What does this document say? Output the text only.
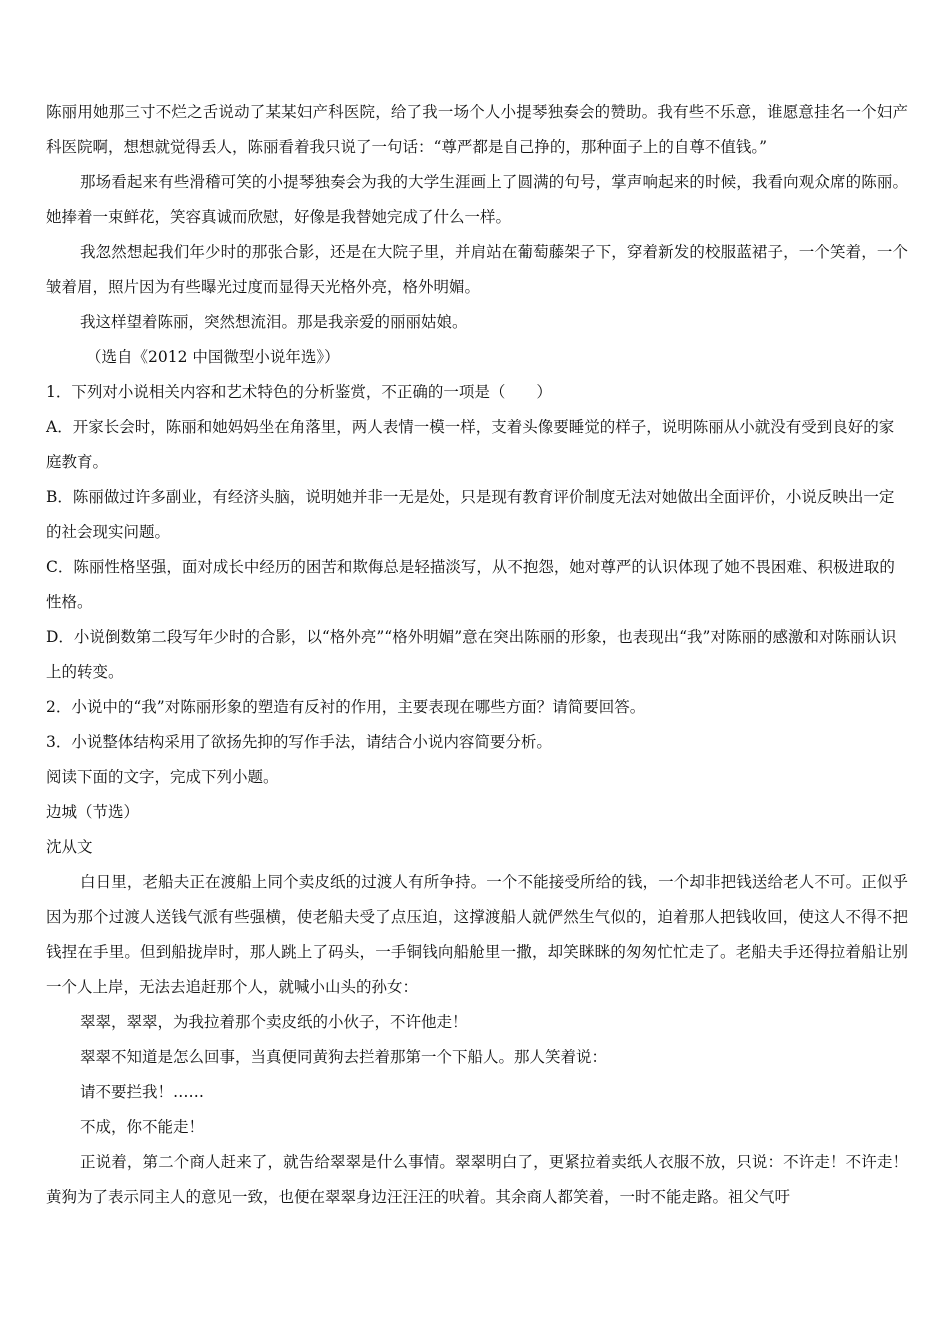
陈丽用她那三寸不烂之舌说动了某某妇产科医院，给了我一场个人小提琴独奏会的赞助。我有些不乐意，谁愿意挂名一个妇产科医院啊，想想就觉得丢人，陈丽看着我只说了一句话：“尊严都是自己挣的，那种面子上的自尊不值钱。”

那场看起来有些滑稽可笑的小提琴独奏会为我的大学生涯画上了圆满的句号，掌声响起来的时候，我看向观众席的陈丽。她捧着一束鲜花，笑容真诚而欣慰，好像是我替她完成了什么一样。

我忽然想起我们年少时的那张合影，还是在大院子里，并肩站在葡萄藤架子下，穿着新发的校服蓝裙子，一个笑着，一个皱着眉，照片因为有些曝光过度而显得天光格外亮，格外明媚。

我这样望着陈丽，突然想流泪。那是我亲爱的丽丽姑娘。

（选自《2012 中国微型小说年选》）

1．下列对小说相关内容和艺术特色的分析鉴赏，不正确的一项是（　　）

A．开家长会时，陈丽和她妈妈坐在角落里，两人表情一模一样，支着头像要睡觉的样子，说明陈丽从小就没有受到良好的家庭教育。

B．陈丽做过许多副业，有经济头脑，说明她并非一无是处，只是现有教育评价制度无法对她做出全面评价，小说反映出一定的社会现实问题。

C．陈丽性格坚强，面对成长中经历的困苦和欺侮总是轻描淡写，从不抱怨，她对尊严的认识体现了她不畏困难、积极进取的性格。

D．小说倒数第二段写年少时的合影，以“格外亮”“格外明媚”意在突出陈丽的形象，也表现出“我”对陈丽的感激和对陈丽认识上的转变。

2．小说中的“我”对陈丽形象的塑造有反衬的作用，主要表现在哪些方面？请简要回答。

3．小说整体结构采用了欲扬先抑的写作手法，请结合小说内容简要分析。

阅读下面的文字，完成下列小题。

边城（节选）

沈从文

白日里，老船夫正在渡船上同个卖皮纸的过渡人有所争持。一个不能接受所给的钱，一个却非把钱送给老人不可。正似乎因为那个过渡人送钱气派有些强横，使老船夫受了点压迫，这撑渡船人就俨然生气似的，迫着那人把钱收回，使这人不得不把钱捏在手里。但到船拢岸时，那人跳上了码头，一手铜钱向船舱里一撒，却笑眯眯的匆匆忙忙走了。老船夫手还得拉着船让别一个人上岸，无法去追赶那个人，就喊小山头的孙女：

翠翠，翠翠，为我拉着那个卖皮纸的小伙子，不许他走！

翠翠不知道是怎么回事，当真便同黄狗去拦着那第一个下船人。那人笑着说：

请不要拦我！……

不成，你不能走！

正说着，第二个商人赶来了，就告给翠翠是什么事情。翠翠明白了，更紧拉着卖纸人衣服不放，只说：不许走！不许走！黄狗为了表示同主人的意见一致，也便在翠翠身边汪汪汪的吠着。其余商人都笑着，一时不能走路。祖父气吁
